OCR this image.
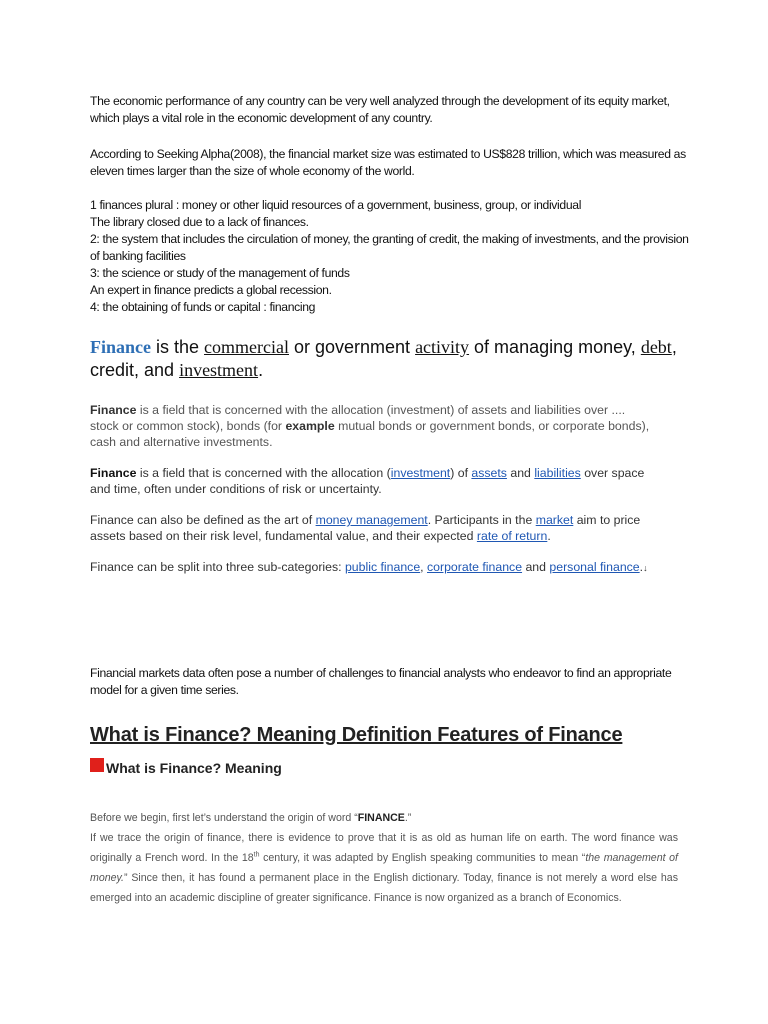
The economic performance of any country can be very well analyzed through the development of its equity market, which plays a vital role in the economic development of any country.

According to Seeking Alpha(2008), the financial market size was estimated to US$828 trillion, which was measured as eleven times larger than the size of whole economy of the world.

1 finances plural : money or other liquid resources of a government, business, group, or individual

The library closed due to a lack of finances.

2: the system that includes the circulation of money, the granting of credit, the making of investments, and the provision of banking facilities

3: the science or study of the management of funds

An expert in finance predicts a global recession.

4: the obtaining of funds or capital : financing

Finance is the commercial or government activity of managing money, debt, credit, and investment.
Finance is a field that is concerned with the allocation (investment) of assets and liabilities over .... stock or common stock), bonds (for example mutual bonds or government bonds, or corporate bonds), cash and alternative investments.
Finance is a field that is concerned with the allocation (investment) of assets and liabilities over space and time, often under conditions of risk or uncertainty.
Finance can also be defined as the art of money management. Participants in the market aim to price assets based on their risk level, fundamental value, and their expected rate of return.
Finance can be split into three sub-categories: public finance, corporate finance and personal finance.↓

Financial markets data often pose a number of challenges to financial analysts who endeavor to find an appropriate model for a given time series.

What is Finance? Meaning Definition Features of Finance
What is Finance? Meaning
Before we begin, first let’s understand the origin of word “FINANCE.”
If we trace the origin of finance, there is evidence to prove that it is as old as human life on earth. The word finance was originally a French word. In the 18th century, it was adapted by English speaking communities to mean “the management of money.” Since then, it has found a permanent place in the English dictionary. Today, finance is not merely a word else has emerged into an academic discipline of greater significance. Finance is now organized as a branch of Economics.
